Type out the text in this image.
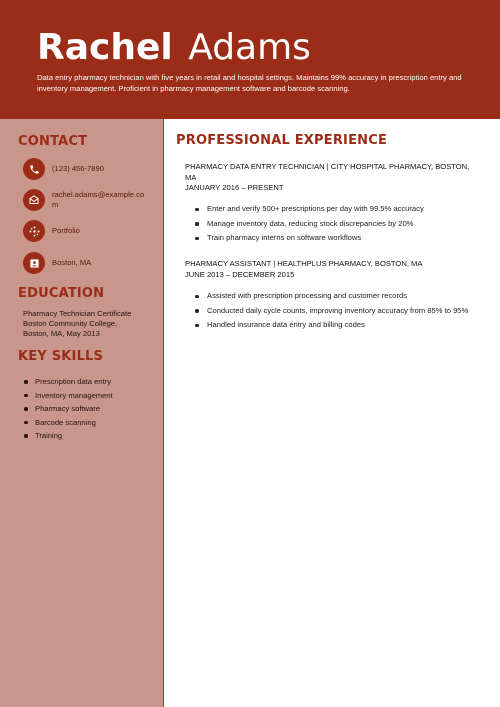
Rachel Adams
Data entry pharmacy technician with five years in retail and hospital settings. Maintains 99% accuracy in prescription entry and inventory management. Proficient in pharmacy management software and barcode scanning.
CONTACT
(123) 456-7890
rachel.adams@example.com
Portfolio
Boston, MA
EDUCATION
Pharmacy Technician Certificate
Boston Community College,
Boston, MA, May 2013
KEY SKILLS
Prescription data entry
Inventory management
Pharmacy software
Barcode scanning
Training
PROFESSIONAL EXPERIENCE
PHARMACY DATA ENTRY TECHNICIAN | CITY HOSPITAL PHARMACY, BOSTON, MA
JANUARY 2016 – PRESENT
Enter and verify 500+ prescriptions per day with 99.5% accuracy
Manage inventory data, reducing stock discrepancies by 20%
Train pharmacy interns on software workflows
PHARMACY ASSISTANT | HEALTHPLUS PHARMACY, BOSTON, MA
JUNE 2013 – DECEMBER 2015
Assisted with prescription processing and customer records
Conducted daily cycle counts, improving inventory accuracy from 85% to 95%
Handled insurance data entry and billing codes
